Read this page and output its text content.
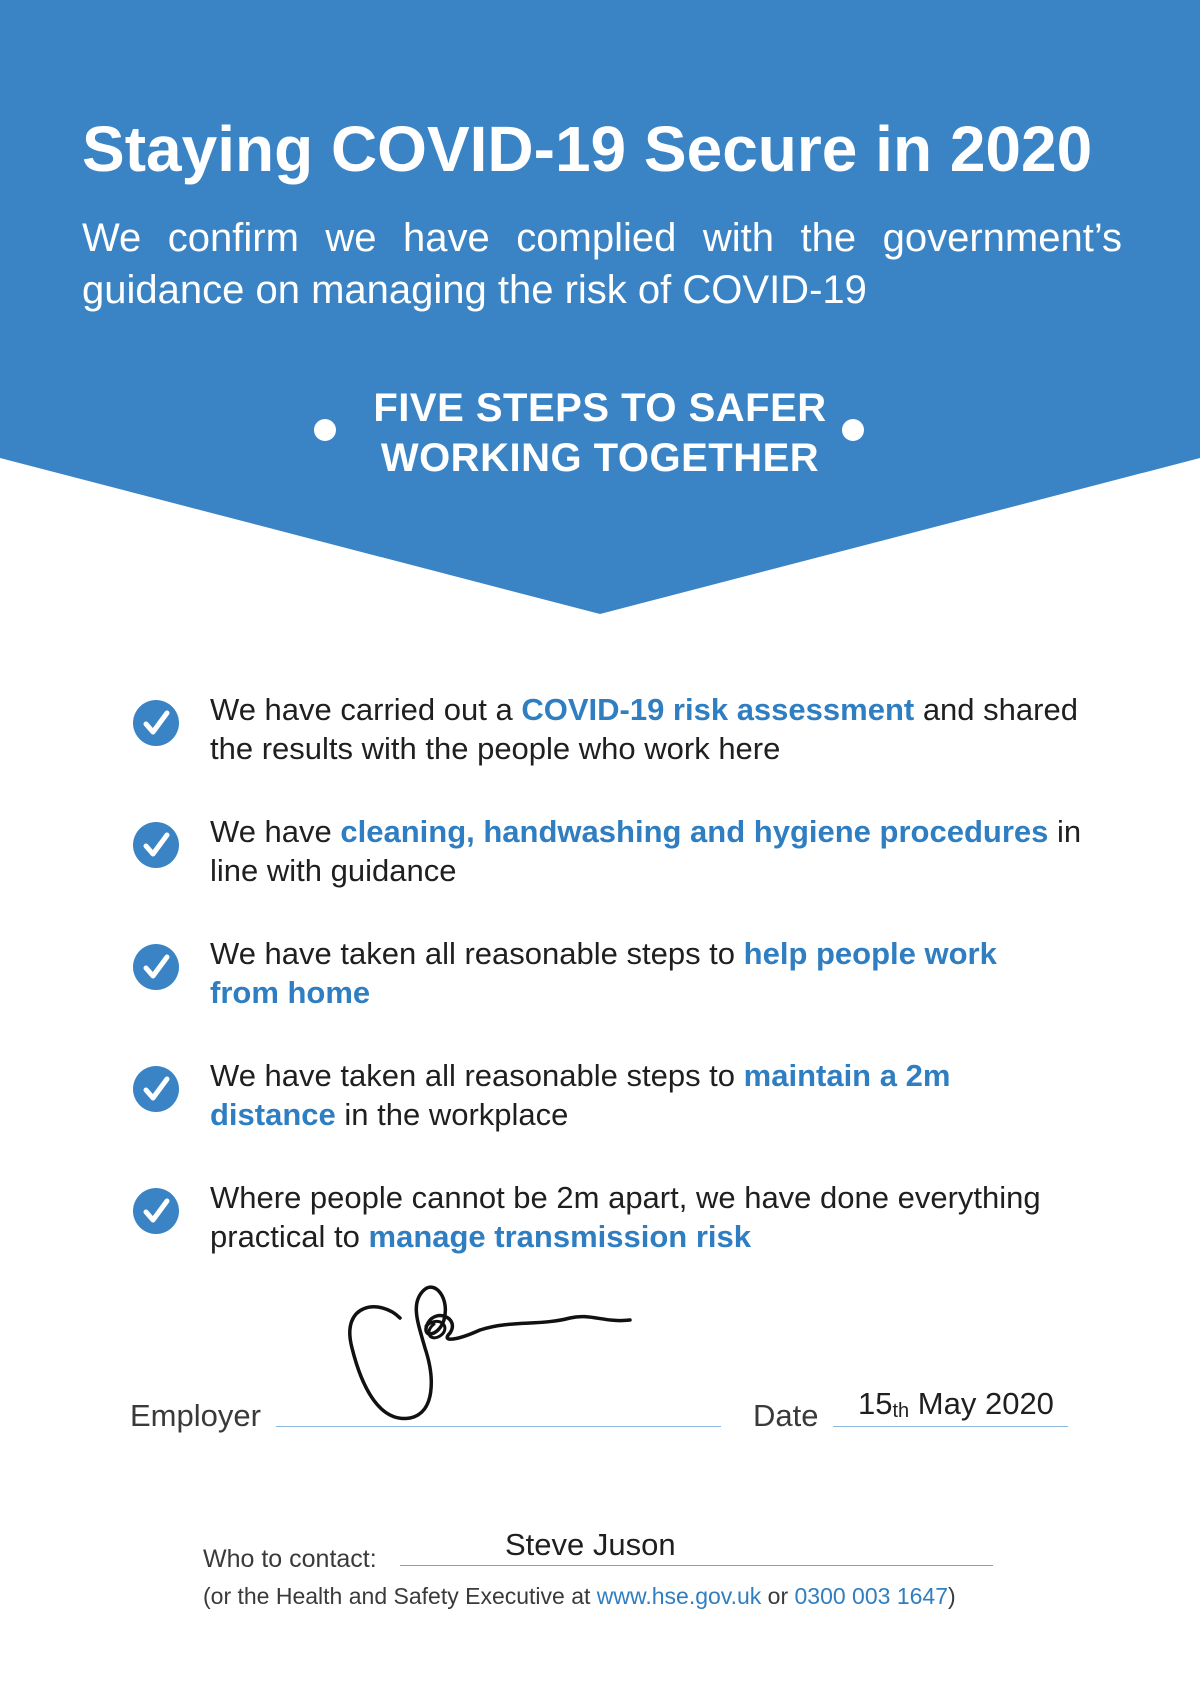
Staying COVID-19 Secure in 2020
We confirm we have complied with the government’s guidance on managing the risk of COVID-19
FIVE STEPS TO SAFER
WORKING TOGETHER
We have carried out a COVID-19 risk assessment and shared the results with the people who work here
We have cleaning, handwashing and hygiene procedures in line with guidance
We have taken all reasonable steps to help people work from home
We have taken all reasonable steps to maintain a 2m distance in the workplace
Where people cannot be 2m apart, we have done everything practical to manage transmission risk
Employer	Date $15_{th}$ May 2020
Who to contact:	Steve Juson
(or the Health and Safety Executive at www.hse.gov.uk or 0300 003 1647)
